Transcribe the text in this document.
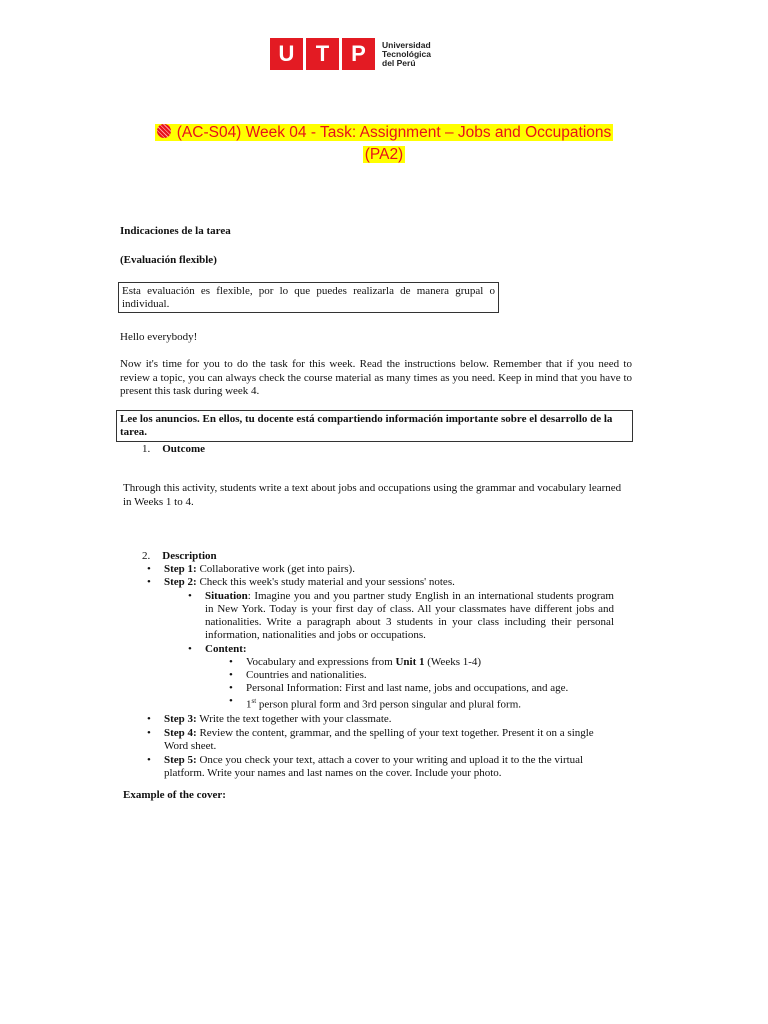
U T P	Universidad
Tecnológica
del Perú
(AC-S04) Week 04 - Task: Assignment – Jobs and Occupations
(PA2)
Indicaciones de la tarea
(Evaluación flexible)
Esta evaluación es flexible, por lo que puedes realizarla de manera grupal o individual.
Hello everybody!
Now it's time for you to do the task for this week. Read the instructions below. Remember that if you need to review a topic, you can always check the course material as many times as you need. Keep in mind that you have to present this task during week 4.
Lee los anuncios. En ellos, tu docente está compartiendo información importante sobre el desarrollo de la tarea.
1. Outcome
Through this activity, students write a text about jobs and occupations using the grammar and vocabulary learned in Weeks 1 to 4.
2. Description
• Step 1: Collaborative work (get into pairs).
• Step 2: Check this week's study material and your sessions' notes.
• Situation: Imagine you and you partner study English in an international students program in New York. Today is your first day of class. All your classmates have different jobs and nationalities. Write a paragraph about 3 students in your class including their personal information, nationalities and jobs or occupations.
• Content:
• Vocabulary and expressions from Unit 1 (Weeks 1-4)
• Countries and nationalities.
• Personal Information: First and last name, jobs and occupations, and age.
• 1st person plural form and 3rd person singular and plural form.
• Step 3: Write the text together with your classmate.
• Step 4: Review the content, grammar, and the spelling of your text together. Present it on a single Word sheet.
• Step 5: Once you check your text, attach a cover to your writing and upload it to the the virtual platform. Write your names and last names on the cover. Include your photo.
Example of the cover:
